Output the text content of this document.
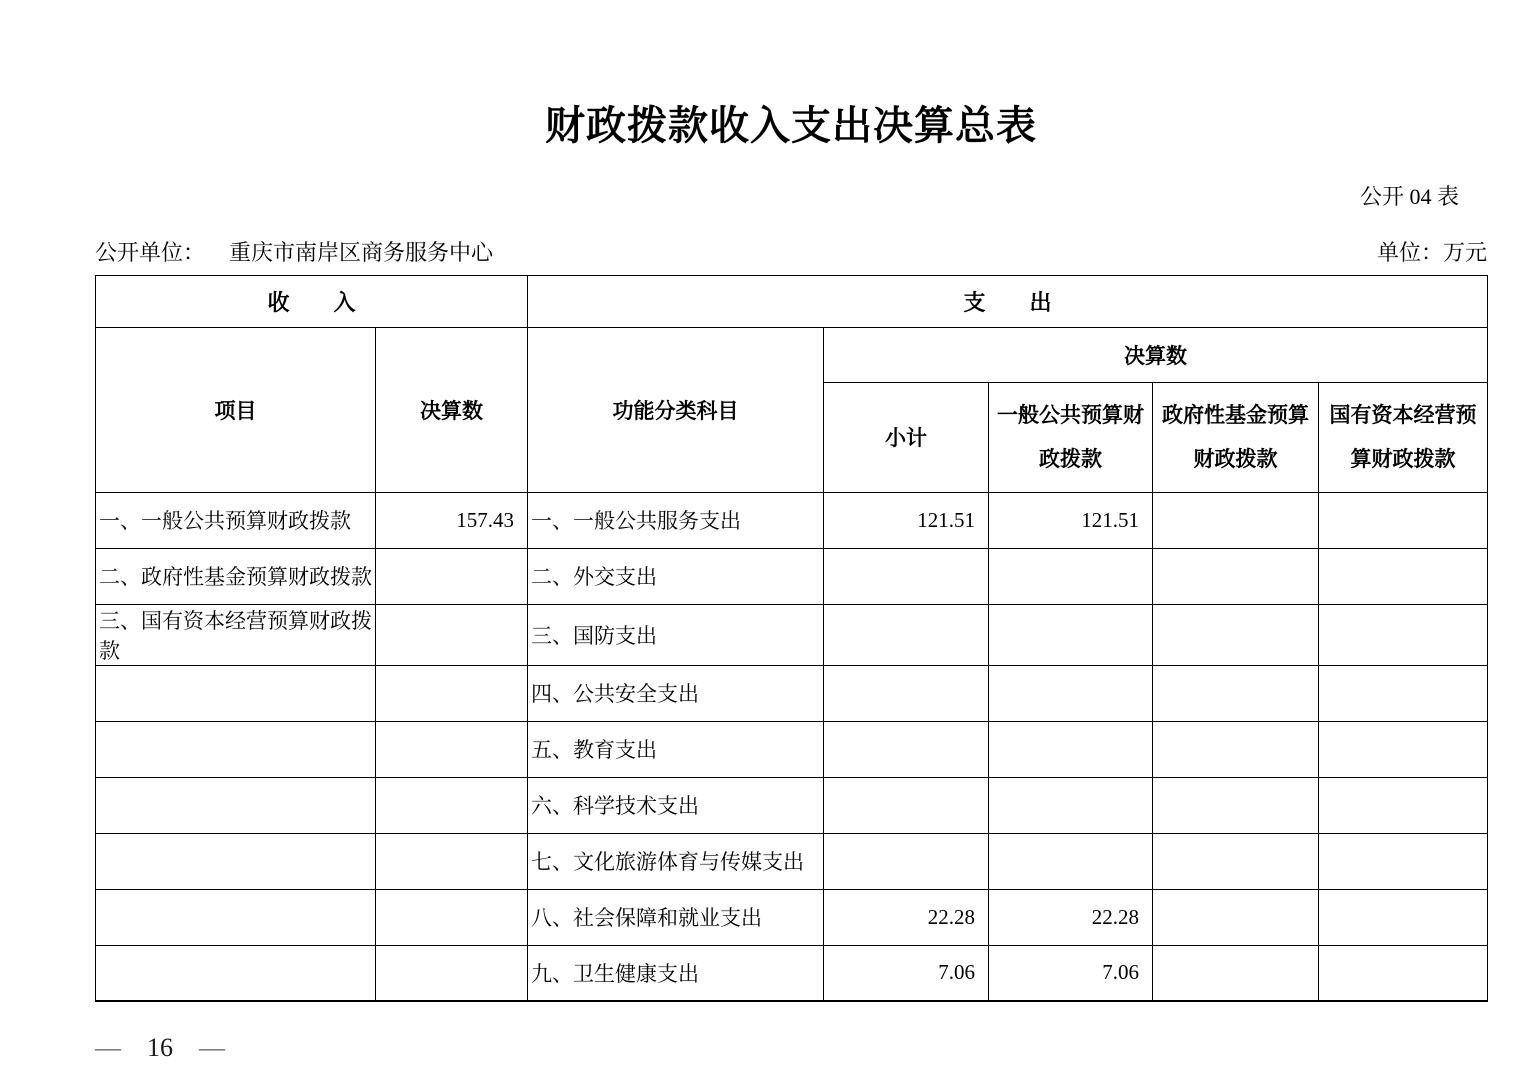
财政拨款收入支出决算总表
公开 04 表
公开单位： 重庆市南岸区商务服务中心	单位：万元
收　　入		支　　出				
项目	决算数	功能分类科目	决算数			
			小计	一般公共预算财政拨款	政府性基金预算财政拨款	国有资本经营预算财政拨款
一、一般公共预算财政拨款	157.43	一、一般公共服务支出	121.51	121.51		
二、政府性基金预算财政拨款		二、外交支出				
三、国有资本经营预算财政拨款		三、国防支出				
		四、公共安全支出				
		五、教育支出				
		六、科学技术支出				
		七、文化旅游体育与传媒支出				
		八、社会保障和就业支出	22.28	22.28		
		九、卫生健康支出	7.06	7.06		
— 16 —
